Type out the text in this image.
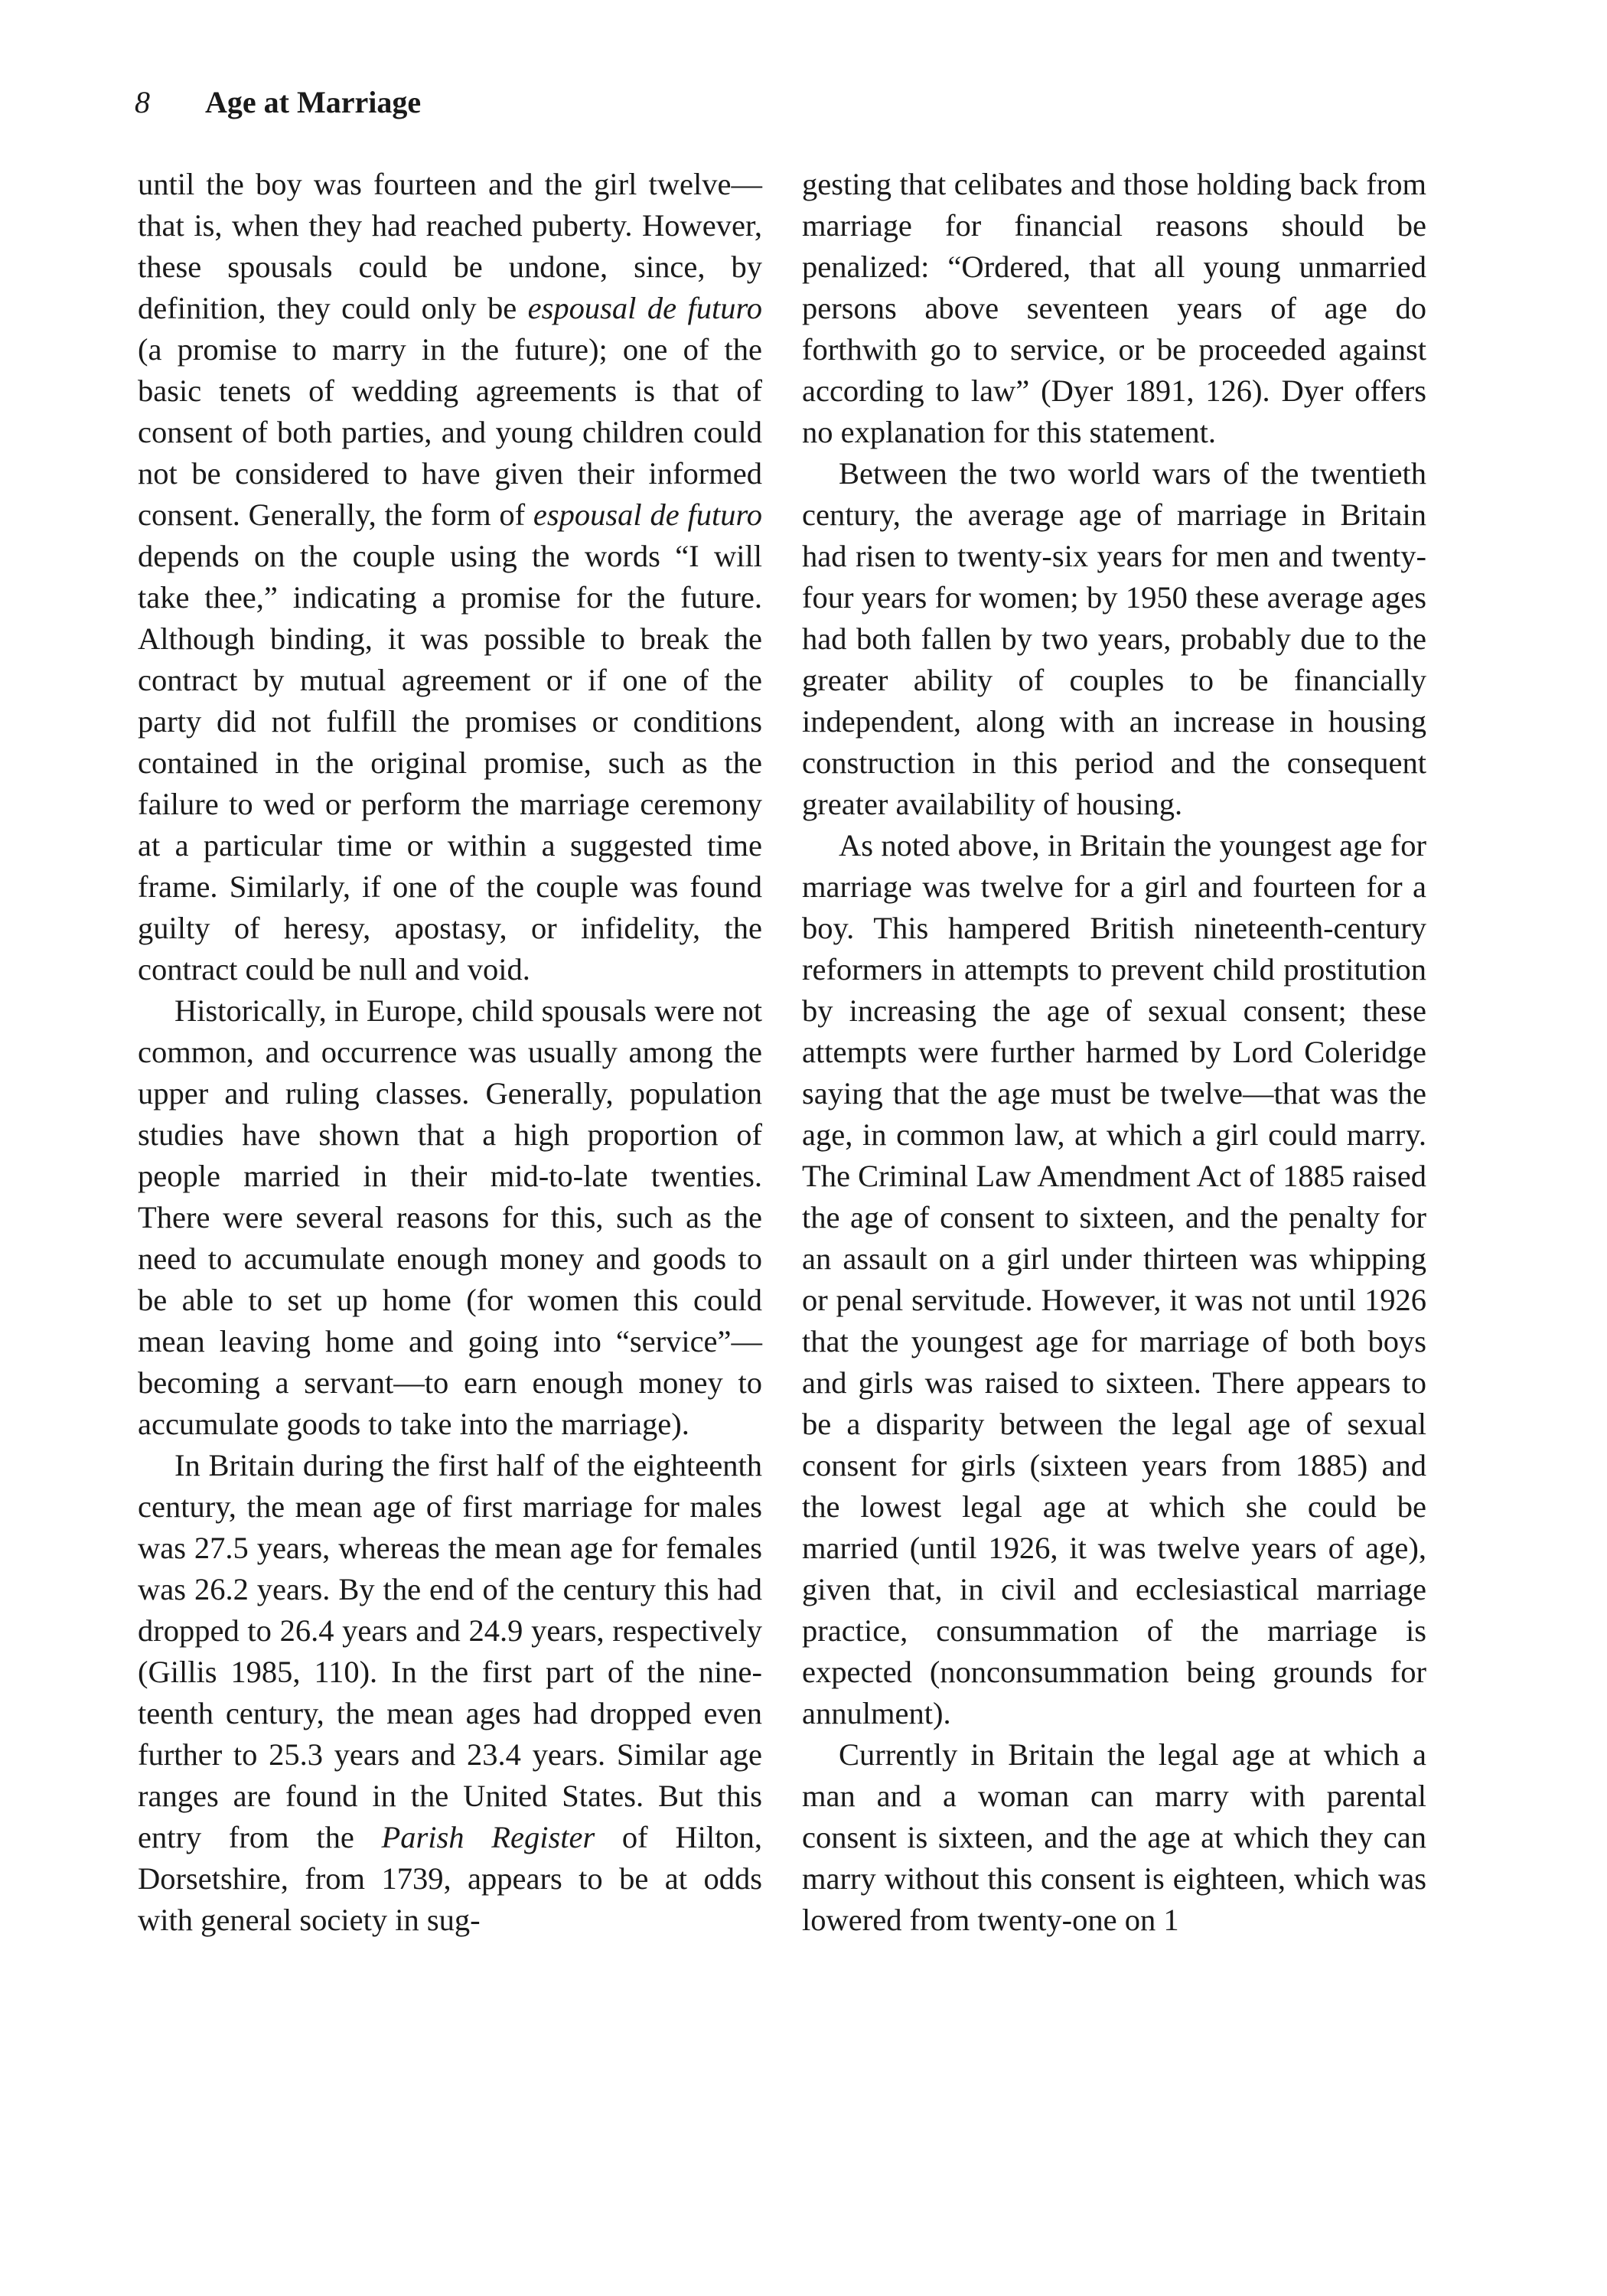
8	Age at Marriage

until the boy was fourteen and the girl twelve—that is, when they had reached puberty. However, these spousals could be undone, since, by definition, they could only be espousal de futuro (a promise to marry in the future); one of the basic tenets of wedding agreements is that of consent of both parties, and young children could not be considered to have given their informed consent. Generally, the form of espousal de futuro depends on the couple using the words “I will take thee,” indicating a promise for the future. Although binding, it was possible to break the contract by mutual agreement or if one of the party did not fulfill the promises or conditions contained in the original promise, such as the failure to wed or perform the marriage ceremony at a particular time or within a suggested time frame. Similarly, if one of the couple was found guilty of heresy, apostasy, or infidelity, the contract could be null and void.

Historically, in Europe, child spousals were not common, and occurrence was usually among the upper and ruling classes. Generally, population studies have shown that a high proportion of people married in their mid-to-late twenties. There were several reasons for this, such as the need to accumulate enough money and goods to be able to set up home (for women this could mean leaving home and going into “service”—becoming a servant—to earn enough money to accumulate goods to take into the marriage).

In Britain during the first half of the eighteenth century, the mean age of first marriage for males was 27.5 years, whereas the mean age for females was 26.2 years. By the end of the century this had dropped to 26.4 years and 24.9 years, respectively (Gillis 1985, 110). In the first part of the nineteenth century, the mean ages had dropped even further to 25.3 years and 23.4 years. Similar age ranges are found in the United States. But this entry from the Parish Register of Hilton, Dorsetshire, from 1739, appears to be at odds with general society in sug-

gesting that celibates and those holding back from marriage for financial reasons should be penalized: “Ordered, that all young unmarried persons above seventeen years of age do forthwith go to service, or be proceeded against according to law” (Dyer 1891, 126). Dyer offers no explanation for this statement.

Between the two world wars of the twentieth century, the average age of marriage in Britain had risen to twenty-six years for men and twenty-four years for women; by 1950 these average ages had both fallen by two years, probably due to the greater ability of couples to be financially independent, along with an increase in housing construction in this period and the consequent greater availability of housing.

As noted above, in Britain the youngest age for marriage was twelve for a girl and fourteen for a boy. This hampered British nineteenth-century reformers in attempts to prevent child prostitution by increasing the age of sexual consent; these attempts were further harmed by Lord Coleridge saying that the age must be twelve—that was the age, in common law, at which a girl could marry. The Criminal Law Amendment Act of 1885 raised the age of consent to sixteen, and the penalty for an assault on a girl under thirteen was whipping or penal servitude. However, it was not until 1926 that the youngest age for marriage of both boys and girls was raised to sixteen. There appears to be a disparity between the legal age of sexual consent for girls (sixteen years from 1885) and the lowest legal age at which she could be married (until 1926, it was twelve years of age), given that, in civil and ecclesiastical marriage practice, consummation of the marriage is expected (nonconsummation being grounds for annulment).

Currently in Britain the legal age at which a man and a woman can marry with parental consent is sixteen, and the age at which they can marry without this consent is eighteen, which was lowered from twenty-one on 1
